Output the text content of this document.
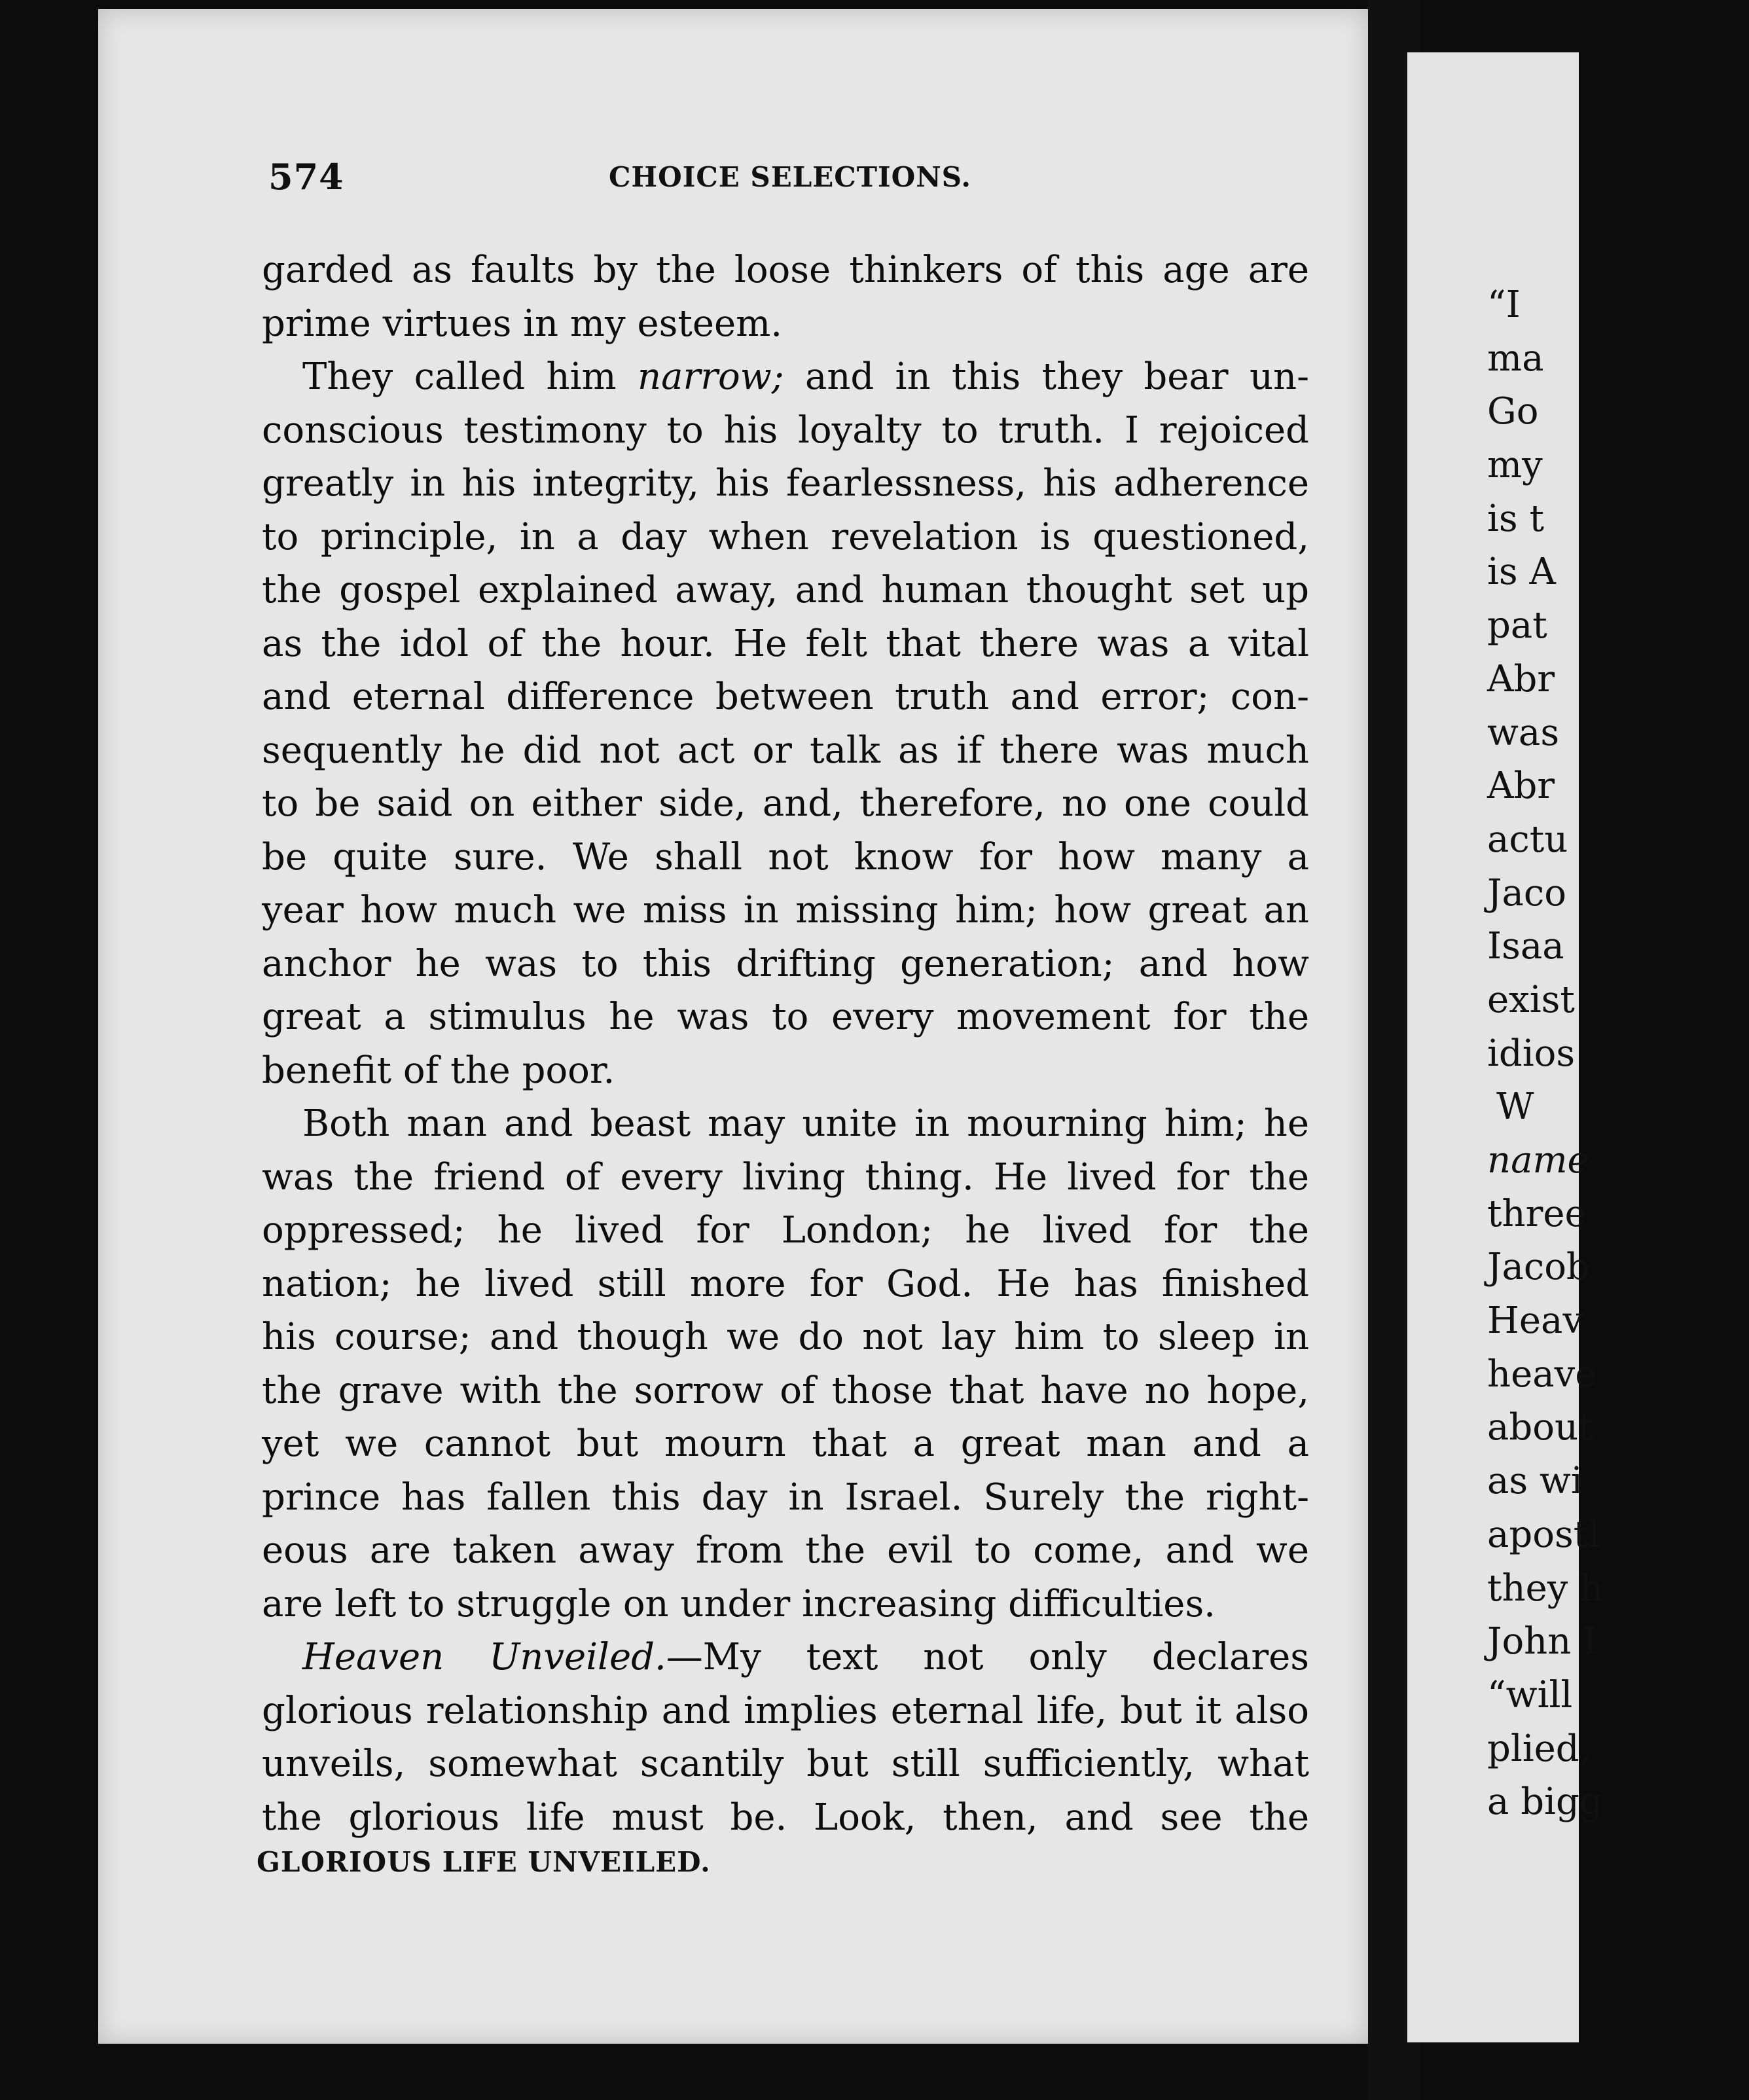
574	CHOICE SELECTIONS.
garded as faults by the loose thinkers of this age are
prime virtues in my esteem.
They called him narrow; and in this they bear un-
conscious testimony to his loyalty to truth. I rejoiced
greatly in his integrity, his fearlessness, his adherence
to principle, in a day when revelation is questioned,
the gospel explained away, and human thought set up
as the idol of the hour. He felt that there was a vital
and eternal difference between truth and error; con-
sequently he did not act or talk as if there was much
to be said on either side, and, therefore, no one could
be quite sure. We shall not know for how many a
year how much we miss in missing him; how great an
anchor he was to this drifting generation; and how
great a stimulus he was to every movement for the
benefit of the poor.
Both man and beast may unite in mourning him; he
was the friend of every living thing. He lived for the
oppressed; he lived for London; he lived for the
nation; he lived still more for God. He has finished
his course; and though we do not lay him to sleep in
the grave with the sorrow of those that have no hope,
yet we cannot but mourn that a great man and a
prince has fallen this day in Israel. Surely the right-
eous are taken away from the evil to come, and we
are left to struggle on under increasing difficulties.
Heaven Unveiled.—My text not only declares
glorious relationship and implies eternal life, but it also
unveils, somewhat scantily but still sufficiently, what
the glorious life must be. Look, then, and see the
GLORIOUS LIFE UNVEILED.
“I
ma
Go
my
is t
is A
pat
Abr
was
Abr
actu
Jaco
Isaa
exist
idios
W
name
three
Jacob
Heav
heave
about
as wi
apostl
they h
John I
“will
plied,
a bigg
